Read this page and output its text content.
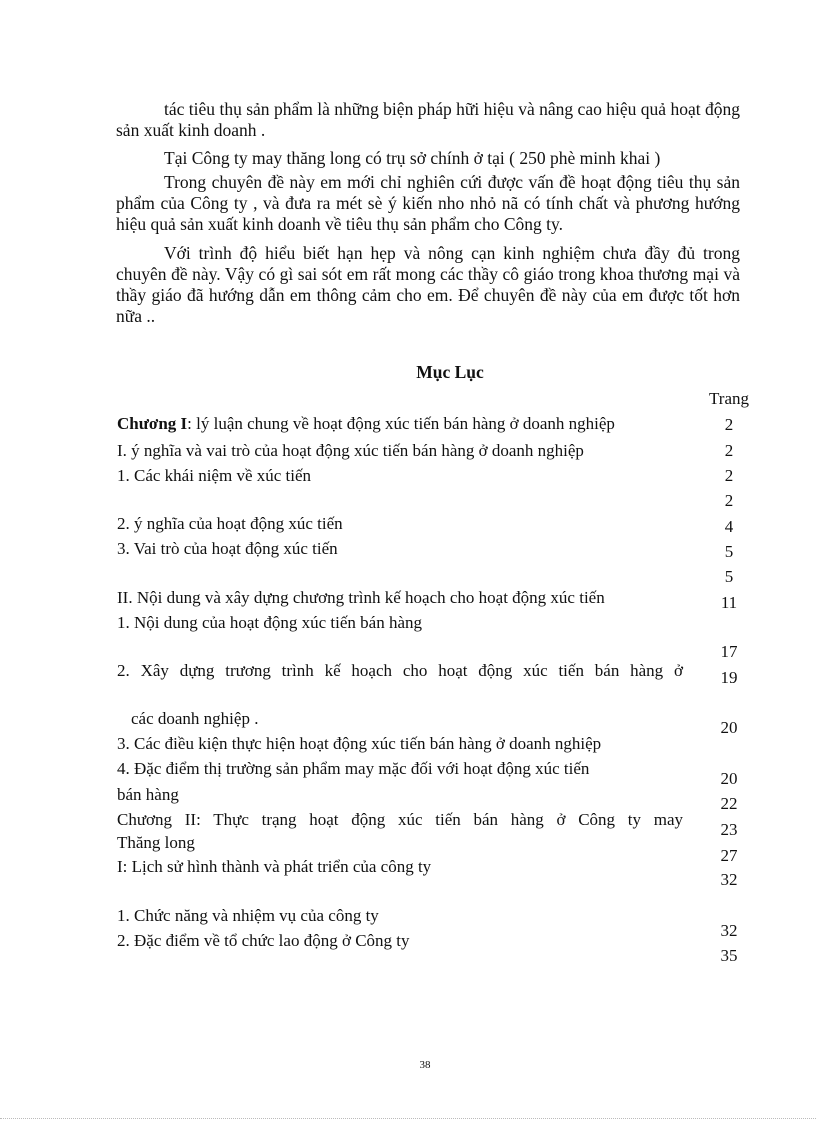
tác tiêu thụ sản phẩm là những biện pháp hữi hiệu và nâng cao hiệu quả hoạt động sản xuất kinh doanh .
Tại Công ty may thăng long có trụ sở chính ở tại ( 250 phè minh khai )
Trong chuyên đề này em mới chỉ nghiên cứi được vấn đề hoạt động tiêu thụ sản phẩm của Công ty , và đưa ra mét sè ý kiến nho nhỏ nã có tính chất và phương hướng hiệu quả sản xuất kinh doanh về tiêu thụ sản phẩm cho Công ty.
Với trình độ hiểu biết hạn hẹp và nông cạn kinh nghiệm chưa đầy đủ trong chuyên đề này. Vậy có gì sai sót em rất mong các thầy cô giáo trong khoa thương mại và thầy giáo đã hướng dẫn em thông cảm cho em. Để chuyên đề này của em được tốt hơn nữa ..
Mục Lục
Trang
Chương I: lý luận chung về hoạt động xúc tiến bán hàng ở doanh nghiệp
I. ý nghĩa và vai trò của hoạt động xúc tiến bán hàng ở doanh nghiệp
1. Các khái niệm về xúc tiến
2. ý nghĩa của hoạt động xúc tiến
3. Vai trò của hoạt động xúc tiến
II. Nội dung và xây dựng chương trình kế hoạch cho hoạt động xúc tiến
1. Nội dung của hoạt động xúc tiến bán hàng
2. Xây dựng trương trình kế hoạch cho hoạt động xúc tiến bán hàng ở
các doanh nghiệp .
3. Các điều kiện thực hiện hoạt động xúc tiến bán hàng ở doanh nghiệp
4. Đặc điểm thị trường sản phẩm may mặc đối với hoạt động xúc tiến
bán hàng
Chương II: Thực trạng hoạt động xúc tiến bán hàng ở Công ty may
Thăng long
I: Lịch sử hình thành và phát triển của công ty
1. Chức năng và nhiệm vụ của công ty
2. Đặc điểm về tổ chức lao động ở Công ty
2
2
2
2
4
5
5
11
17
19
20
20
22
23
27
32
32
35
38
